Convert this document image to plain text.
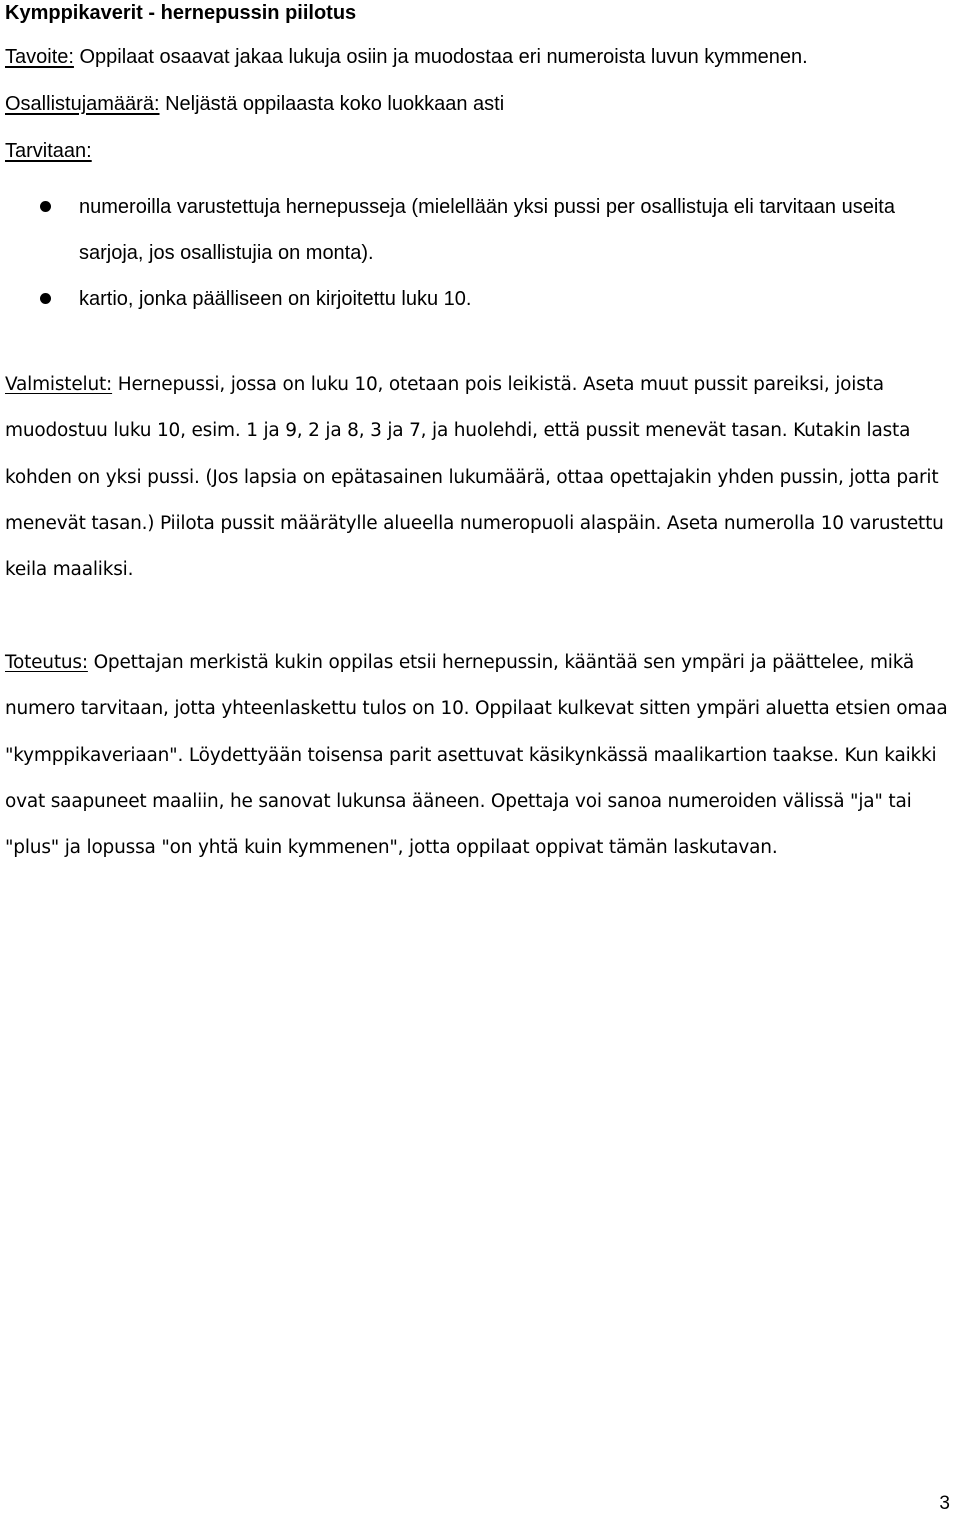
Kymppikaverit - hernepussin piilotus
Tavoite: Oppilaat osaavat jakaa lukuja osiin ja muodostaa eri numeroista luvun kymmenen.
Osallistujamäärä: Neljästä oppilaasta koko luokkaan asti
Tarvitaan:
numeroilla varustettuja hernepusseja (mielellään yksi pussi per osallistuja eli tarvitaan useita sarjoja, jos osallistujia on monta).
kartio, jonka päälliseen on kirjoitettu luku 10.
Valmistelut: Hernepussi, jossa on luku 10, otetaan pois leikistä. Aseta muut pussit pareiksi, joista muodostuu luku 10, esim. 1 ja 9, 2 ja 8, 3 ja 7, ja huolehdi, että pussit menevät tasan. Kutakin lasta kohden on yksi pussi. (Jos lapsia on epätasainen lukumäärä, ottaa opettajakin yhden pussin, jotta parit menevät tasan.) Piilota pussit määrätylle alueella numeropuoli alaspäin. Aseta numerolla 10 varustettu keila maaliksi.
Toteutus: Opettajan merkistä kukin oppilas etsii hernepussin, kääntää sen ympäri ja päättelee, mikä numero tarvitaan, jotta yhteenlaskettu tulos on 10. Oppilaat kulkevat sitten ympäri aluetta etsien omaa "kymppikaveriaan". Löydettyään toisensa parit asettuvat käsikynkässä maalikartion taakse. Kun kaikki ovat saapuneet maaliin, he sanovat lukunsa ääneen. Opettaja voi sanoa numeroiden välissä "ja" tai "plus" ja lopussa "on yhtä kuin kymmenen", jotta oppilaat oppivat tämän laskutavan.
3
